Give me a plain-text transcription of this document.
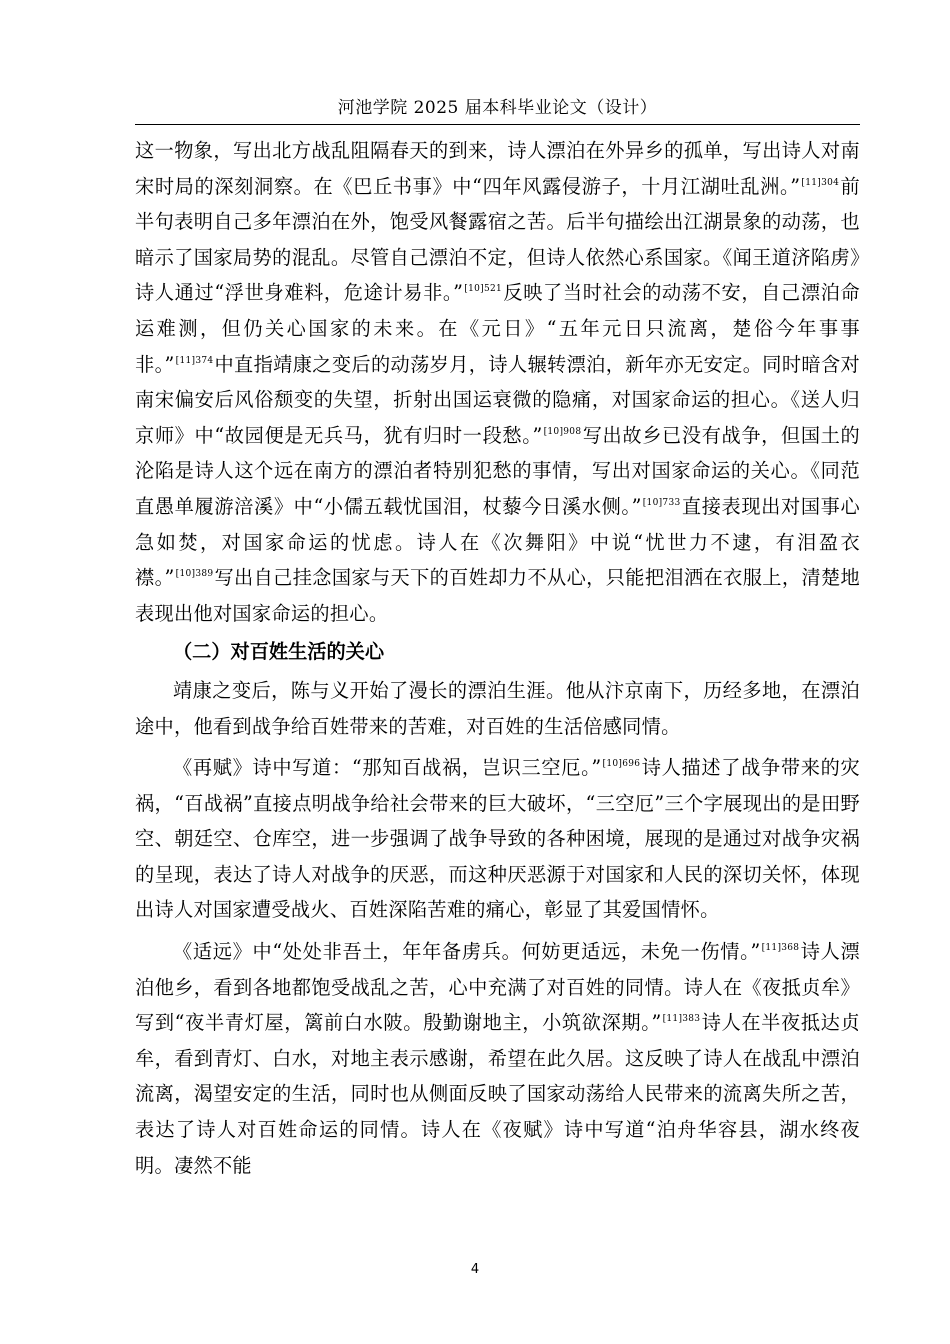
河池学院 2025 届本科毕业论文（设计）

这一物象，写出北方战乱阻隔春天的到来，诗人漂泊在外异乡的孤单，写出诗人对南宋时局的深刻洞察。在《巴丘书事》中“四年风露侵游子，十月江湖吐乱洲。”$^{[11]304}$前半句表明自己多年漂泊在外，饱受风餐露宿之苦。后半句描绘出江湖景象的动荡，也暗示了国家局势的混乱。尽管自己漂泊不定，但诗人依然心系国家。《闻王道济陷虏》诗人通过“浮世身难料，危途计易非。”$^{[10]521}$反映了当时社会的动荡不安，自己漂泊命运难测，但仍关心国家的未来。在《元日》“五年元日只流离，楚俗今年事事非。”$^{[11]374}$中直指靖康之变后的动荡岁月，诗人辗转漂泊，新年亦无安定。同时暗含对南宋偏安后风俗颓变的失望，折射出国运衰微的隐痛，对国家命运的担心。《送人归京师》中“故园便是无兵马，犹有归时一段愁。”$^{[10]908}$写出故乡已没有战争，但国土的沦陷是诗人这个远在南方的漂泊者特别犯愁的事情，写出对国家命运的关心。《同范直愚单履游涪溪》中“小儒五载忧国泪，杖藜今日溪水侧。”$^{[10]733}$直接表现出对国事心急如焚，对国家命运的忧虑。诗人在《次舞阳》中说“忧世力不逮，有泪盈衣襟。”$^{[10]389}$写出自己挂念国家与天下的百姓却力不从心，只能把泪洒在衣服上，清楚地表现出他对国家命运的担心。

（二）对百姓生活的关心

靖康之变后，陈与义开始了漫长的漂泊生涯。他从汴京南下，历经多地，在漂泊途中，他看到战争给百姓带来的苦难，对百姓的生活倍感同情。

《再赋》诗中写道：“那知百战祸，岂识三空厄。”$^{[10]696}$诗人描述了战争带来的灾祸，“百战祸”直接点明战争给社会带来的巨大破坏，“三空厄”三个字展现出的是田野空、朝廷空、仓库空，进一步强调了战争导致的各种困境，展现的是通过对战争灾祸的呈现，表达了诗人对战争的厌恶，而这种厌恶源于对国家和人民的深切关怀，体现出诗人对国家遭受战火、百姓深陷苦难的痛心，彰显了其爱国情怀。

《适远》中“处处非吾土，年年备虏兵。何妨更适远，未免一伤情。”$^{[11]368}$诗人漂泊他乡，看到各地都饱受战乱之苦，心中充满了对百姓的同情。诗人在《夜抵贞牟》写到“夜半青灯屋，篱前白水陂。殷勤谢地主，小筑欲深期。”$^{[11]383}$诗人在半夜抵达贞牟，看到青灯、白水，对地主表示感谢，希望在此久居。这反映了诗人在战乱中漂泊流离，渴望安定的生活，同时也从侧面反映了国家动荡给人民带来的流离失所之苦，表达了诗人对百姓命运的同情。诗人在《夜赋》诗中写道“泊舟华容县，湖水终夜明。凄然不能

4
